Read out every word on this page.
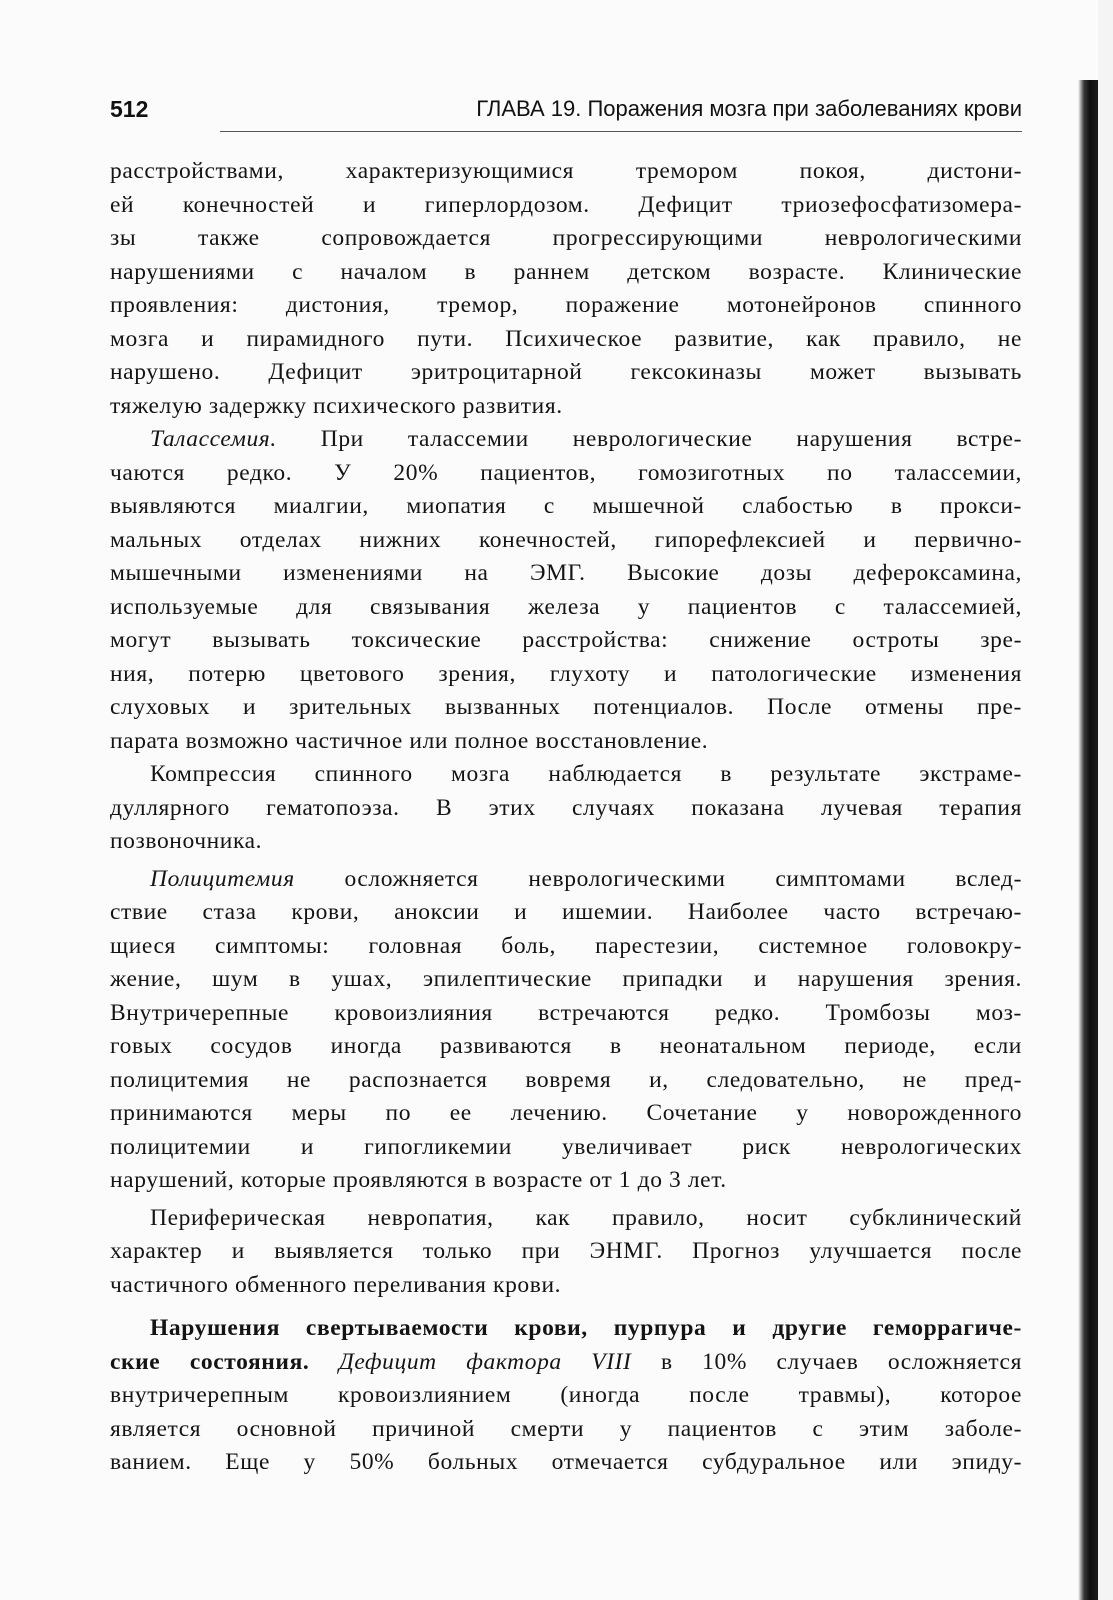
512	ГЛАВА 19. Поражения мозга при заболеваниях крови
расстройствами, характеризующимися тремором покоя, дистони-
ей конечностей и гиперлордозом. Дефицит триозефосфатизомера-
зы также сопровождается прогрессирующими неврологическими
нарушениями с началом в раннем детском возрасте. Клинические
проявления: дистония, тремор, поражение мотонейронов спинного
мозга и пирамидного пути. Психическое развитие, как правило, не
нарушено. Дефицит эритроцитарной гексокиназы может вызывать
тяжелую задержку психического развития.
Талассемия. При талассемии неврологические нарушения встре-
чаются редко. У 20% пациентов, гомозиготных по талассемии,
выявляются миалгии, миопатия с мышечной слабостью в прокси-
мальных отделах нижних конечностей, гипорефлексией и первично-
мышечными изменениями на ЭМГ. Высокие дозы дефероксамина,
используемые для связывания железа у пациентов с талассемией,
могут вызывать токсические расстройства: снижение остроты зре-
ния, потерю цветового зрения, глухоту и патологические изменения
слуховых и зрительных вызванных потенциалов. После отмены пре-
парата возможно частичное или полное восстановление.
Компрессия спинного мозга наблюдается в результате экстраме-
дуллярного гематопоэза. В этих случаях показана лучевая терапия
позвоночника.
Полицитемия осложняется неврологическими симптомами вслед-
ствие стаза крови, аноксии и ишемии. Наиболее часто встречаю-
щиеся симптомы: головная боль, парестезии, системное головокру-
жение, шум в ушах, эпилептические припадки и нарушения зрения.
Внутричерепные кровоизлияния встречаются редко. Тромбозы моз-
говых сосудов иногда развиваются в неонатальном периоде, если
полицитемия не распознается вовремя и, следовательно, не пред-
принимаются меры по ее лечению. Сочетание у новорожденного
полицитемии и гипогликемии увеличивает риск неврологических
нарушений, которые проявляются в возрасте от 1 до 3 лет.
Периферическая невропатия, как правило, носит субклинический
характер и выявляется только при ЭНМГ. Прогноз улучшается после
частичного обменного переливания крови.
Нарушения свертываемости крови, пурпура и другие геморрагиче-
ские состояния. Дефицит фактора VIII в 10% случаев осложняется
внутричерепным кровоизлиянием (иногда после травмы), которое
является основной причиной смерти у пациентов с этим заболе-
ванием. Еще у 50% больных отмечается субдуральное или эпиду-
